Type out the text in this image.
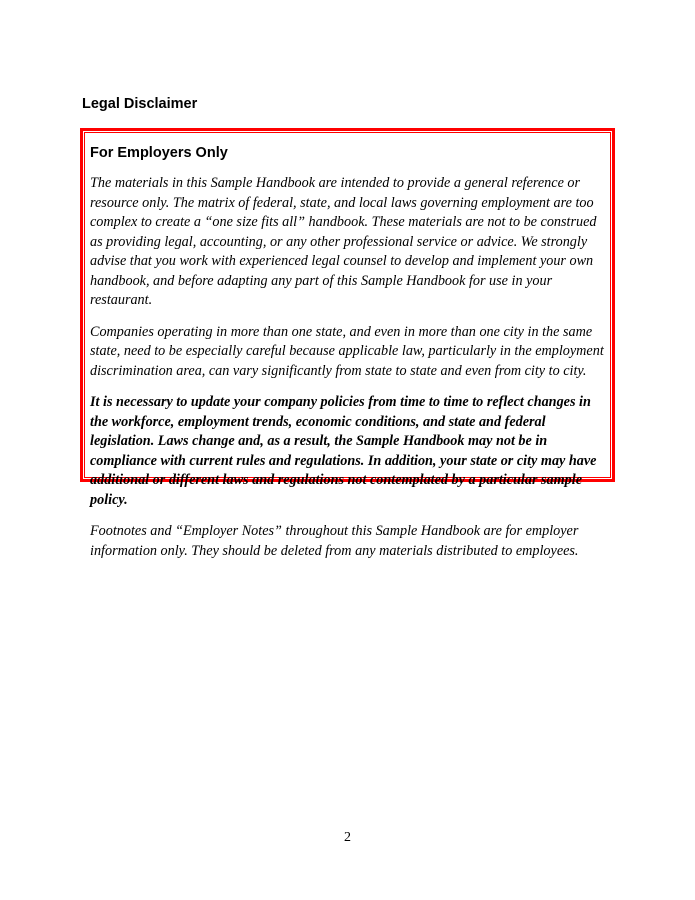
Legal Disclaimer
For Employers Only

The materials in this Sample Handbook are intended to provide a general reference or resource only. The matrix of federal, state, and local laws governing employment are too complex to create a “one size fits all” handbook. These materials are not to be construed as providing legal, accounting, or any other professional service or advice. We strongly advise that you work with experienced legal counsel to develop and implement your own handbook, and before adapting any part of this Sample Handbook for use in your restaurant.

Companies operating in more than one state, and even in more than one city in the same state, need to be especially careful because applicable law, particularly in the employment discrimination area, can vary significantly from state to state and even from city to city.

It is necessary to update your company policies from time to time to reflect changes in the workforce, employment trends, economic conditions, and state and federal legislation. Laws change and, as a result, the Sample Handbook may not be in compliance with current rules and regulations. In addition, your state or city may have additional or different laws and regulations not contemplated by a particular sample policy.

Footnotes and “Employer Notes” throughout this Sample Handbook are for employer information only. They should be deleted from any materials distributed to employees.

2
